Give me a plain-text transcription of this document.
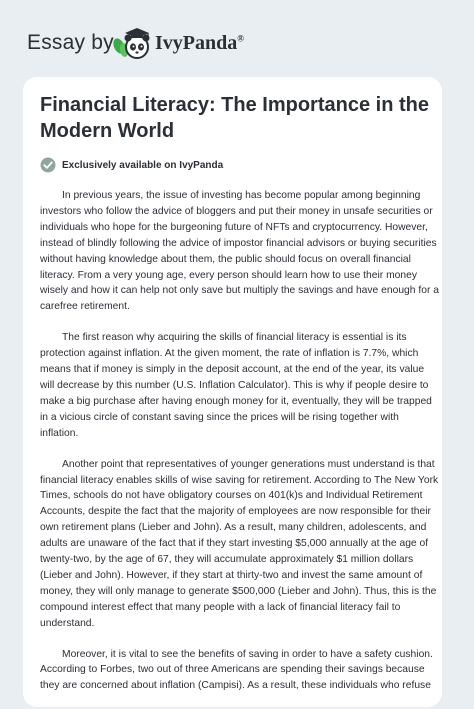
Essay by IvyPanda®
Financial Literacy: The Importance in the Modern World
Exclusively available on IvyPanda

In previous years, the issue of investing has become popular among beginning investors who follow the advice of bloggers and put their money in unsafe securities or individuals who hope for the burgeoning future of NFTs and cryptocurrency. However, instead of blindly following the advice of impostor financial advisors or buying securities without having knowledge about them, the public should focus on overall financial literacy. From a very young age, every person should learn how to use their money wisely and how it can help not only save but multiply the savings and have enough for a carefree retirement.

The first reason why acquiring the skills of financial literacy is essential is its protection against inflation. At the given moment, the rate of inflation is 7.7%, which means that if money is simply in the deposit account, at the end of the year, its value will decrease by this number (U.S. Inflation Calculator). This is why if people desire to make a big purchase after having enough money for it, eventually, they will be trapped in a vicious circle of constant saving since the prices will be rising together with inflation.

Another point that representatives of younger generations must understand is that financial literacy enables skills of wise saving for retirement. According to The New York Times, schools do not have obligatory courses on 401(k)s and Individual Retirement Accounts, despite the fact that the majority of employees are now responsible for their own retirement plans (Lieber and John). As a result, many children, adolescents, and adults are unaware of the fact that if they start investing $5,000 annually at the age of twenty-two, by the age of 67, they will accumulate approximately $1 million dollars (Lieber and John). However, if they start at thirty-two and invest the same amount of money, they will only manage to generate $500,000 (Lieber and John). Thus, this is the compound interest effect that many people with a lack of financial literacy fail to understand.

Moreover, it is vital to see the benefits of saving in order to have a safety cushion. According to Forbes, two out of three Americans are spending their savings because they are concerned about inflation (Campisi). As a result, these individuals who refuse
